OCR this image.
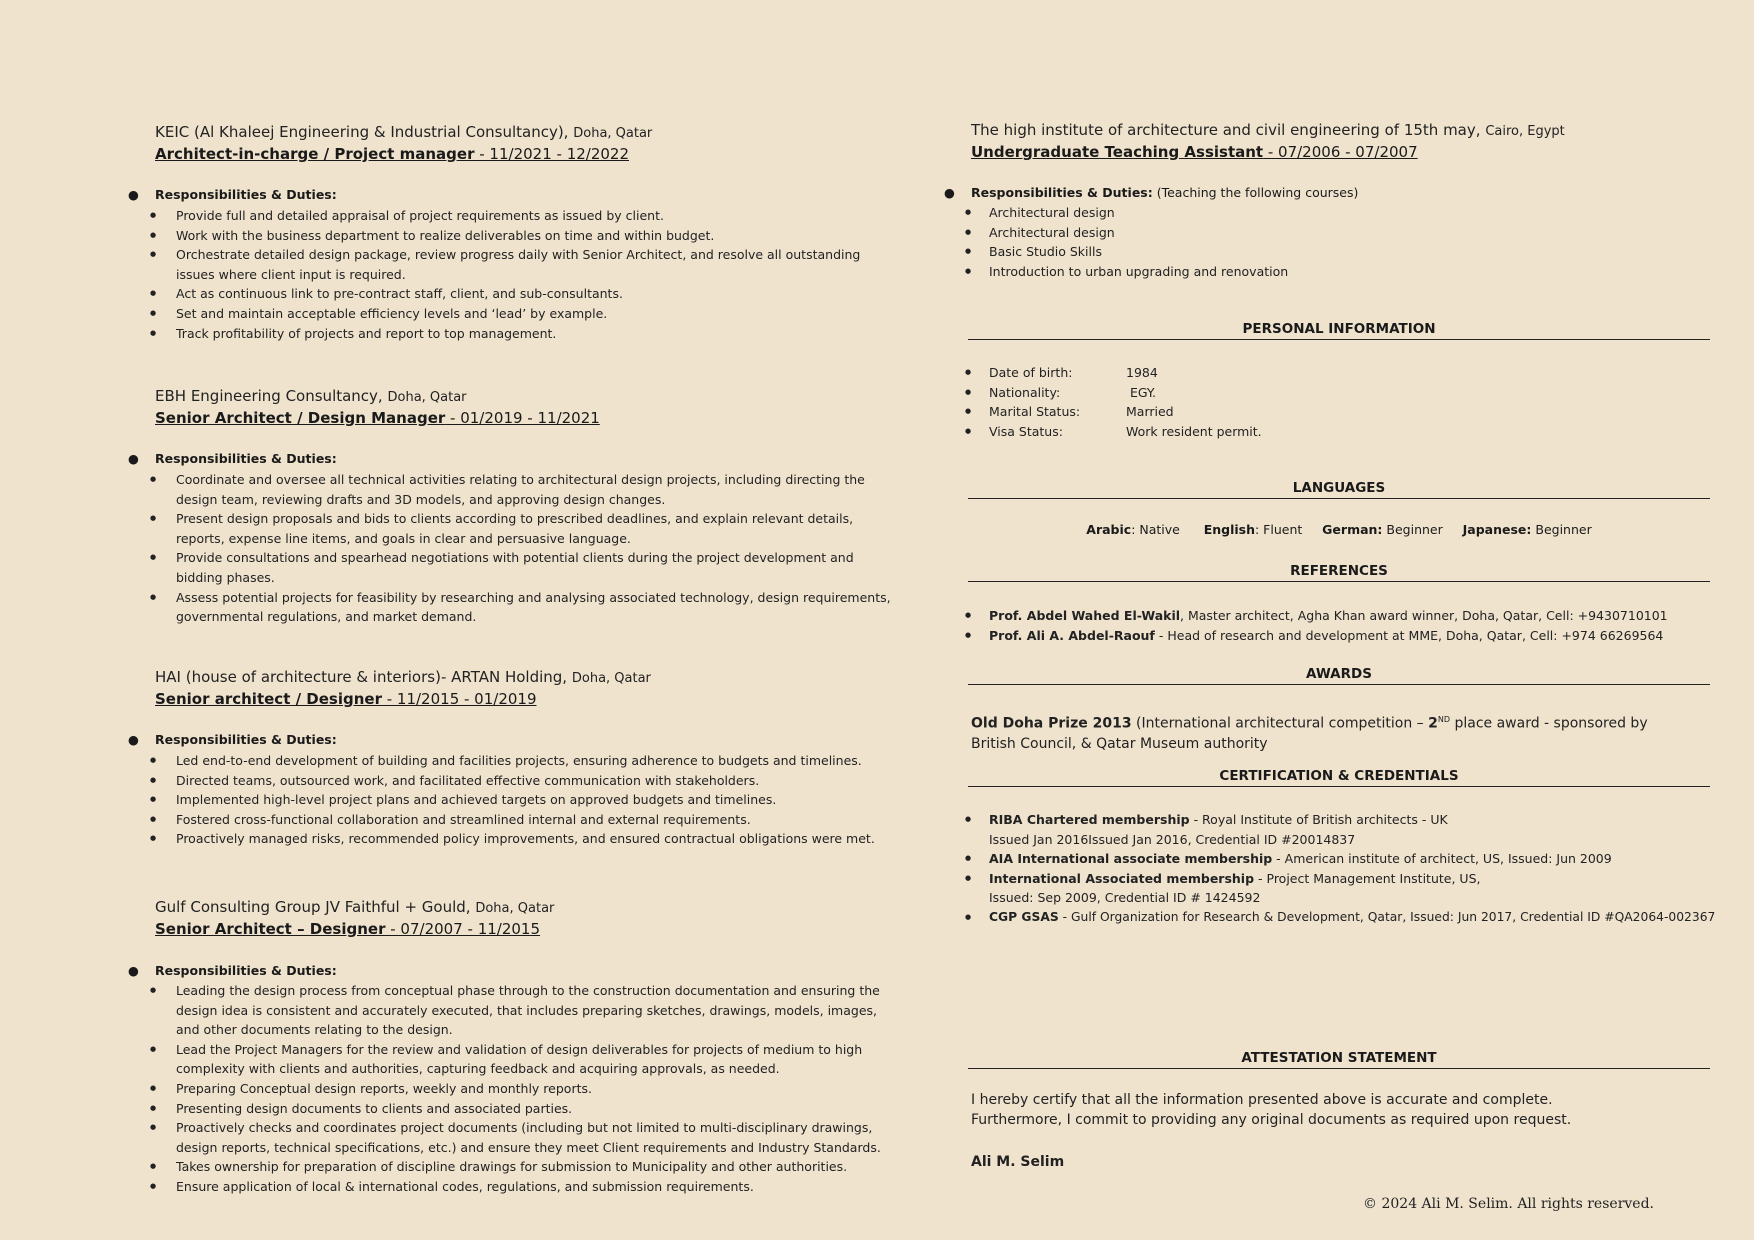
KEIC (Al Khaleej Engineering & Industrial Consultancy), Doha, Qatar
Architect-in-charge / Project manager - 11/2021 - 12/2022
● Responsibilities & Duties:
● Provide full and detailed appraisal of project requirements as issued by client.
● Work with the business department to realize deliverables on time and within budget.
● Orchestrate detailed design package, review progress daily with Senior Architect, and resolve all outstanding issues where client input is required.
● Act as continuous link to pre-contract staff, client, and sub-consultants.
● Set and maintain acceptable efficiency levels and ‘lead’ by example.
● Track profitability of projects and report to top management.
EBH Engineering Consultancy, Doha, Qatar
Senior Architect / Design Manager - 01/2019 - 11/2021
● Responsibilities & Duties:
● Coordinate and oversee all technical activities relating to architectural design projects, including directing the design team, reviewing drafts and 3D models, and approving design changes.
● Present design proposals and bids to clients according to prescribed deadlines, and explain relevant details, reports, expense line items, and goals in clear and persuasive language.
● Provide consultations and spearhead negotiations with potential clients during the project development and bidding phases.
● Assess potential projects for feasibility by researching and analysing associated technology, design requirements, governmental regulations, and market demand.
HAI (house of architecture & interiors)- ARTAN Holding, Doha, Qatar
Senior architect / Designer - 11/2015 - 01/2019
● Responsibilities & Duties:
● Led end-to-end development of building and facilities projects, ensuring adherence to budgets and timelines.
● Directed teams, outsourced work, and facilitated effective communication with stakeholders.
● Implemented high-level project plans and achieved targets on approved budgets and timelines.
● Fostered cross-functional collaboration and streamlined internal and external requirements.
● Proactively managed risks, recommended policy improvements, and ensured contractual obligations were met.
Gulf Consulting Group JV Faithful + Gould, Doha, Qatar
Senior Architect – Designer - 07/2007 - 11/2015
● Responsibilities & Duties:
● Leading the design process from conceptual phase through to the construction documentation and ensuring the design idea is consistent and accurately executed, that includes preparing sketches, drawings, models, images, and other documents relating to the design.
● Lead the Project Managers for the review and validation of design deliverables for projects of medium to high complexity with clients and authorities, capturing feedback and acquiring approvals, as needed.
● Preparing Conceptual design reports, weekly and monthly reports.
● Presenting design documents to clients and associated parties.
● Proactively checks and coordinates project documents (including but not limited to multi-disciplinary drawings, design reports, technical specifications, etc.) and ensure they meet Client requirements and Industry Standards.
● Takes ownership for preparation of discipline drawings for submission to Municipality and other authorities.
● Ensure application of local & international codes, regulations, and submission requirements.
The high institute of architecture and civil engineering of 15th may, Cairo, Egypt
Undergraduate Teaching Assistant - 07/2006 - 07/2007
● Responsibilities & Duties: (Teaching the following courses)
● Architectural design
● Architectural design
● Basic Studio Skills
● Introduction to urban upgrading and renovation
PERSONAL INFORMATION
● Date of birth:	1984
● Nationality:	EGY.
● Marital Status:	Married
● Visa Status:	Work resident permit.
LANGUAGES
Arabic: Native English: Fluent German: Beginner Japanese: Beginner
REFERENCES
● Prof. Abdel Wahed El-Wakil, Master architect, Agha Khan award winner, Doha, Qatar, Cell: +9430710101
● Prof. Ali A. Abdel-Raouf - Head of research and development at MME, Doha, Qatar, Cell: +974 66269564
AWARDS
Old Doha Prize 2013 (International architectural competition – 2ND place award - sponsored by British Council, & Qatar Museum authority
CERTIFICATION & CREDENTIALS
● RIBA Chartered membership - Royal Institute of British architects - UK
Issued Jan 2016Issued Jan 2016, Credential ID #20014837
● AIA International associate membership - American institute of architect, US, Issued: Jun 2009
● International Associated membership - Project Management Institute, US,
Issued: Sep 2009, Credential ID # 1424592
● CGP GSAS - Gulf Organization for Research & Development, Qatar, Issued: Jun 2017, Credential ID #QA2064-002367
ATTESTATION STATEMENT
I hereby certify that all the information presented above is accurate and complete.
Furthermore, I commit to providing any original documents as required upon request.
Ali M. Selim
© 2024 Ali M. Selim. All rights reserved.
